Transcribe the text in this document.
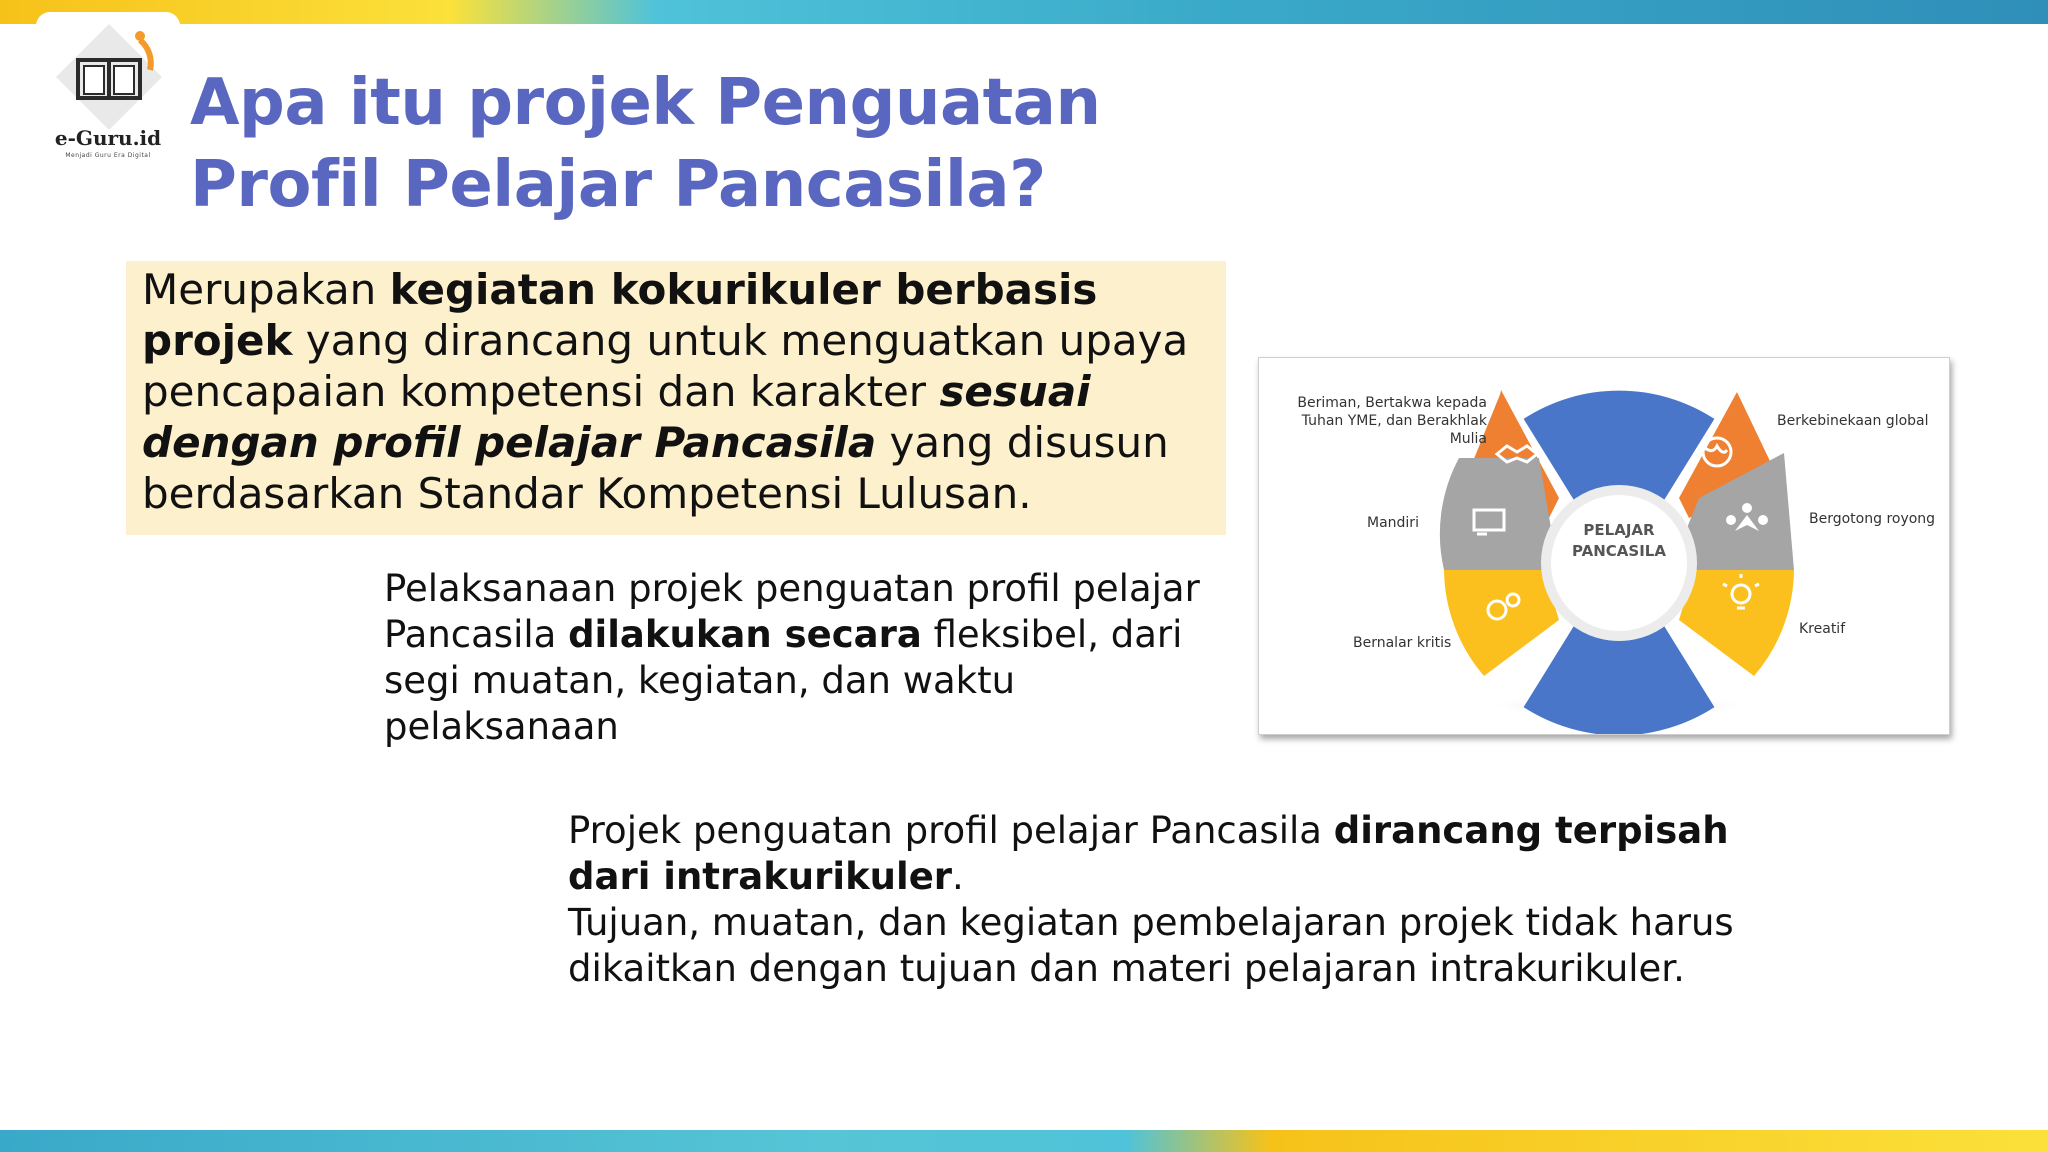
e-Guru.id
Menjadi Guru Era Digital
Apa itu projek Penguatan
Profil Pelajar Pancasila?
Merupakan kegiatan kokurikuler berbasis projek yang dirancang untuk menguatkan upaya pencapaian kompetensi dan karakter sesuai dengan profil pelajar Pancasila yang disusun berdasarkan Standar Kompetensi Lulusan.
Pelaksanaan projek penguatan profil pelajar Pancasila dilakukan secara fleksibel, dari segi muatan, kegiatan, dan waktu pelaksanaan
Projek penguatan profil pelajar Pancasila dirancang terpisah dari intrakurikuler.
Tujuan, muatan, dan kegiatan pembelajaran projek tidak harus dikaitkan dengan tujuan dan materi pelajaran intrakurikuler.
Beriman, Bertakwa kepada
Tuhan YME, dan Berakhlak
Mulia
Berkebinekaan global
Bergotong royong
Kreatif
Bernalar kritis
Mandiri	PELAJAR
PANCASILA
